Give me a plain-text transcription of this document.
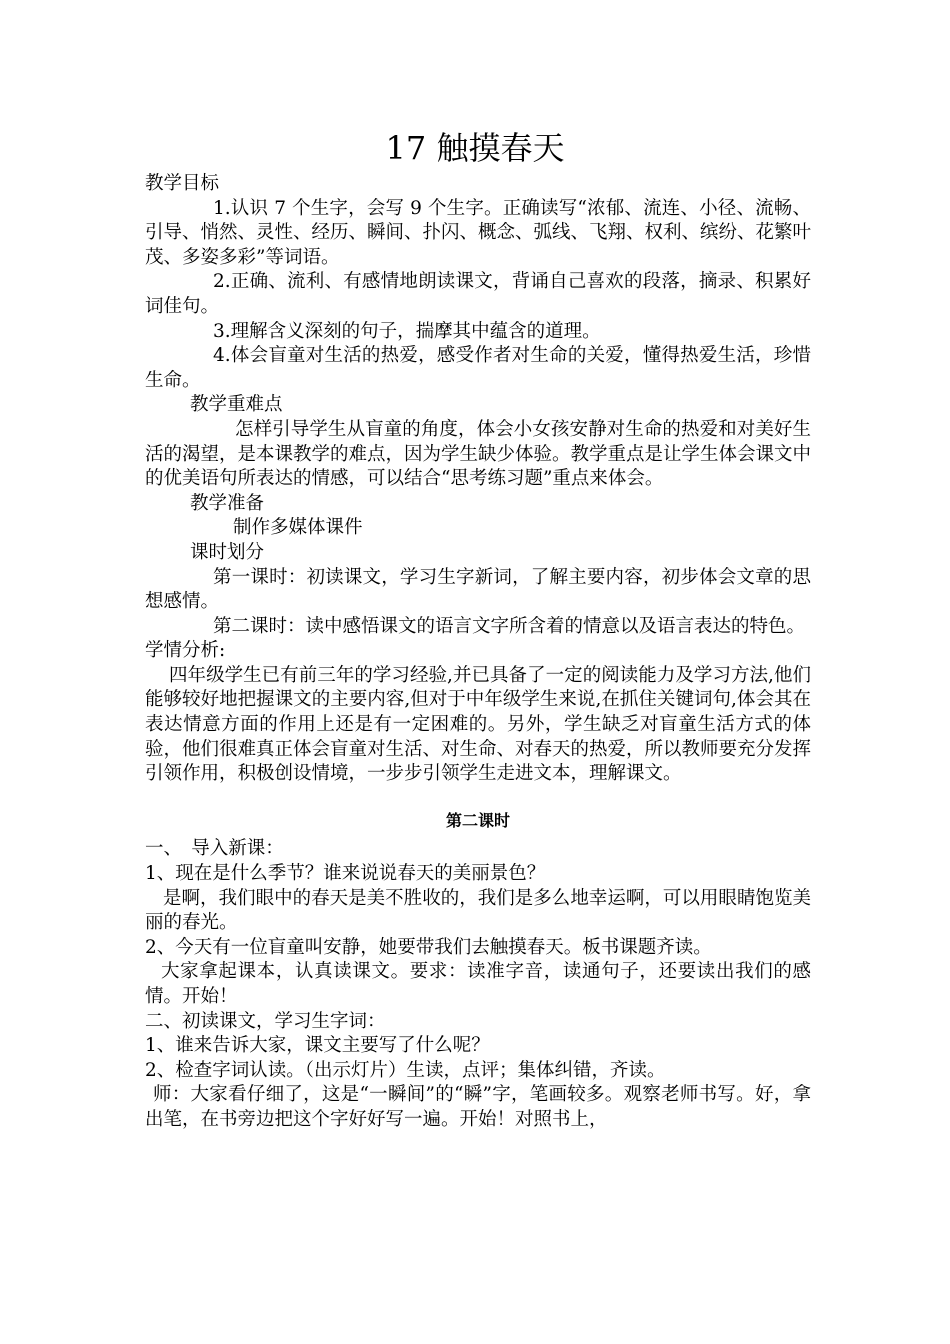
17 触摸春天

教学目标

1.认识 7 个生字，会写 9 个生字。正确读写“浓郁、流连、小径、流畅、引导、悄然、灵性、经历、瞬间、扑闪、概念、弧线、飞翔、权利、缤纷、花繁叶茂、多姿多彩”等词语。

2.正确、流利、有感情地朗读课文，背诵自己喜欢的段落，摘录、积累好词佳句。

3.理解含义深刻的句子，揣摩其中蕴含的道理。

4.体会盲童对生活的热爱，感受作者对生命的关爱，懂得热爱生活，珍惜生命。

教学重难点

怎样引导学生从盲童的角度，体会小女孩安静对生命的热爱和对美好生活的渴望，是本课教学的难点，因为学生缺少体验。教学重点是让学生体会课文中的优美语句所表达的情感，可以结合“思考练习题”重点来体会。

教学准备

制作多媒体课件

课时划分

第一课时：初读课文，学习生字新词，了解主要内容，初步体会文章的思想感情。

第二课时：读中感悟课文的语言文字所含着的情意以及语言表达的特色。

学情分析:

四年级学生已有前三年的学习经验,并已具备了一定的阅读能力及学习方法,他们能够较好地把握课文的主要内容,但对于中年级学生来说,在抓住关键词句,体会其在表达情意方面的作用上还是有一定困难的。另外，学生缺乏对盲童生活方式的体验，他们很难真正体会盲童对生活、对生命、对春天的热爱，所以教师要充分发挥引领作用，积极创设情境，一步步引领学生走进文本，理解课文。

第二课时

一、　导入新课：

1、现在是什么季节？谁来说说春天的美丽景色？

是啊，我们眼中的春天是美不胜收的，我们是多么地幸运啊，可以用眼睛饱览美丽的春光。

2、今天有一位盲童叫安静，她要带我们去触摸春天。板书课题齐读。

大家拿起课本，认真读课文。要求：读准字音，读通句子，还要读出我们的感情。开始！

二、初读课文，学习生字词：

1、谁来告诉大家，课文主要写了什么呢？

2、检查字词认读。（出示灯片）生读，点评；集体纠错，齐读。

师：大家看仔细了，这是“一瞬间”的“瞬”字，笔画较多。观察老师书写。好，拿出笔，在书旁边把这个字好好写一遍。开始！对照书上，
